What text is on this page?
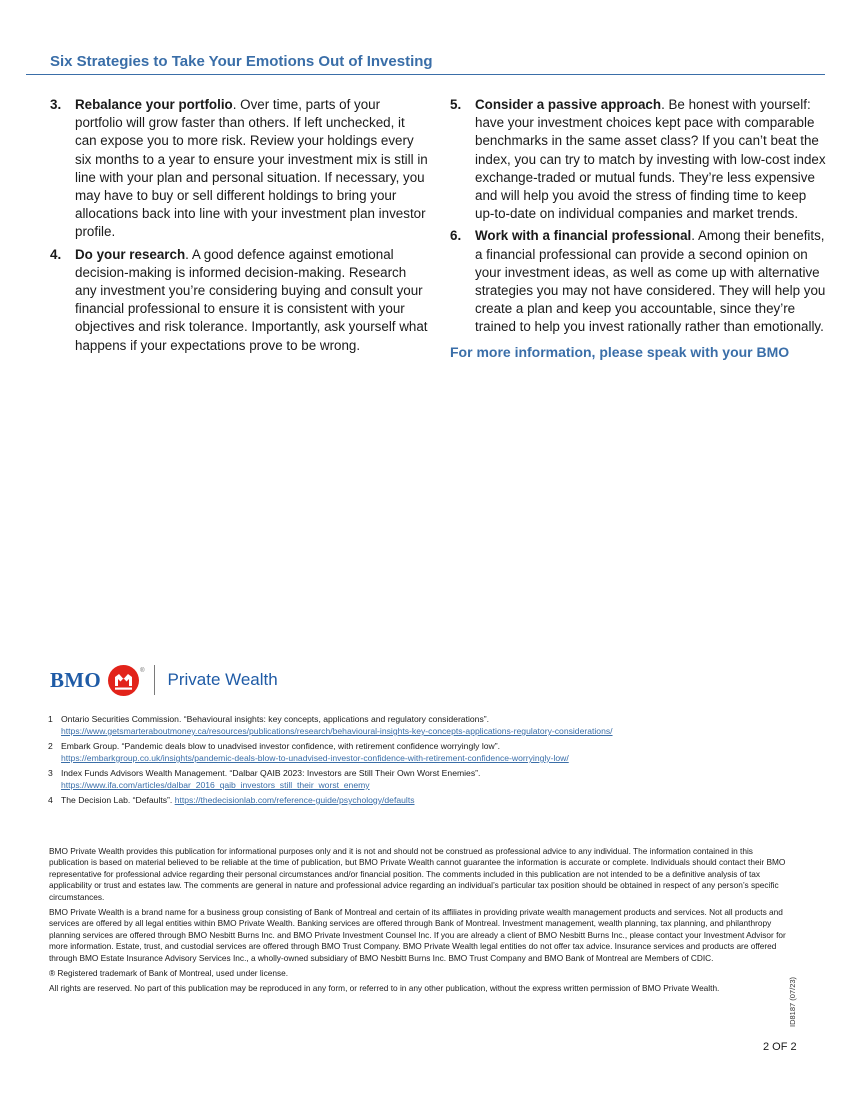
Six Strategies to Take Your Emotions Out of Investing
3. Rebalance your portfolio. Over time, parts of your portfolio will grow faster than others. If left unchecked, it can expose you to more risk. Review your holdings every six months to a year to ensure your investment mix is still in line with your plan and personal situation. If necessary, you may have to buy or sell different holdings to bring your allocations back into line with your investment plan investor profile.
4. Do your research. A good defence against emotional decision-making is informed decision-making. Research any investment you’re considering buying and consult your financial professional to ensure it is consistent with your objectives and risk tolerance. Importantly, ask yourself what happens if your expectations prove to be wrong.
5. Consider a passive approach. Be honest with yourself: have your investment choices kept pace with comparable benchmarks in the same asset class? If you can’t beat the index, you can try to match by investing with low-cost index exchange-traded or mutual funds. They’re less expensive and will help you avoid the stress of finding time to keep up-to-date on individual companies and market trends.
6. Work with a financial professional. Among their benefits, a financial professional can provide a second opinion on your investment ideas, as well as come up with alternative strategies you may not have considered. They will help you create a plan and keep you accountable, since they’re trained to help you invest rationally rather than emotionally.
For more information, please speak with your BMO
BMO	® Private Wealth
1 Ontario Securities Commission. “Behavioural insights: key concepts, applications and regulatory considerations”.
https://www.getsmarteraboutmoney.ca/resources/publications/research/behavioural-insights-key-concepts-applications-regulatory-considerations/
2 Embark Group. “Pandemic deals blow to unadvised investor confidence, with retirement confidence worryingly low”.
https://embarkgroup.co.uk/insights/pandemic-deals-blow-to-unadvised-investor-confidence-with-retirement-confidence-worryingly-low/
3 Index Funds Advisors Wealth Management. “Dalbar QAIB 2023: Investors are Still Their Own Worst Enemies”.
https://www.ifa.com/articles/dalbar_2016_qaib_investors_still_their_worst_enemy
4 The Decision Lab. “Defaults”. https://thedecisionlab.com/reference-guide/psychology/defaults

BMO Private Wealth provides this publication for informational purposes only and it is not and should not be construed as professional advice to any individual. The information contained in this publication is based on material believed to be reliable at the time of publication, but BMO Private Wealth cannot guarantee the information is accurate or complete. Individuals should contact their BMO representative for professional advice regarding their personal circumstances and/or financial position. The comments included in this publication are not intended to be a definitive analysis of tax applicability or trust and estates law. The comments are general in nature and professional advice regarding an individual’s particular tax position should be obtained in respect of any person’s specific circumstances.

BMO Private Wealth is a brand name for a business group consisting of Bank of Montreal and certain of its affiliates in providing private wealth management products and services. Not all products and services are offered by all legal entities within BMO Private Wealth. Banking services are offered through Bank of Montreal. Investment management, wealth planning, tax planning, and philanthropy planning services are offered through BMO Nesbitt Burns Inc. and BMO Private Investment Counsel Inc. If you are already a client of BMO Nesbitt Burns Inc., please contact your Investment Advisor for more information. Estate, trust, and custodial services are offered through BMO Trust Company. BMO Private Wealth legal entities do not offer tax advice. Insurance services and products are offered through BMO Estate Insurance Advisory Services Inc., a wholly-owned subsidiary of BMO Nesbitt Burns Inc. BMO Trust Company and BMO Bank of Montreal are Members of CDIC.

® Registered trademark of Bank of Montreal, used under license.

All rights are reserved. No part of this publication may be reproduced in any form, or referred to in any other publication, without the express written permission of BMO Private Wealth.	ID8187 (07/23)
2 OF 2
